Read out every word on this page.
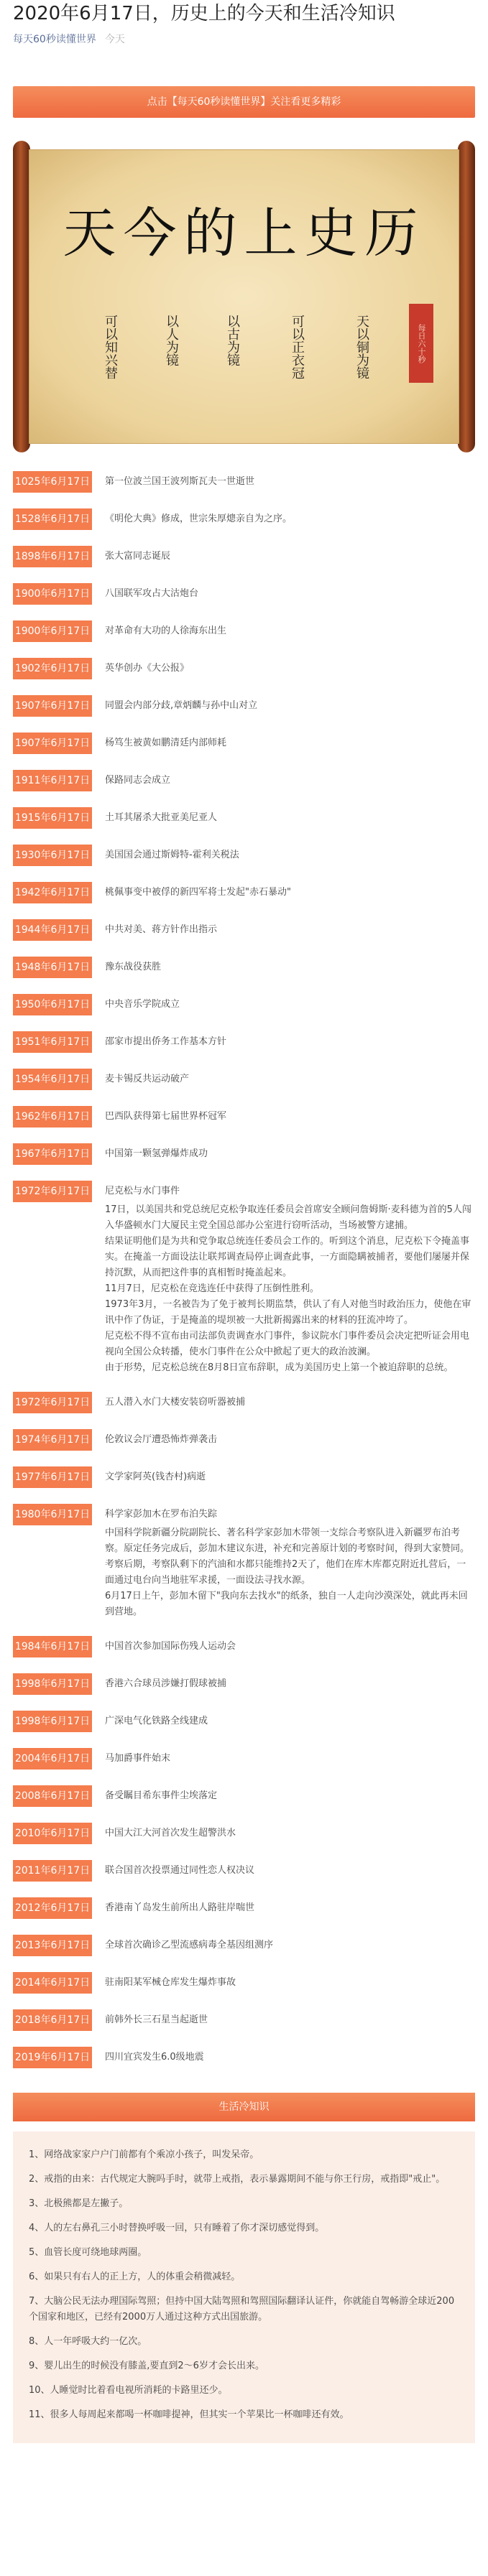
2020年6月17日，历史上的今天和生活冷知识
每天60秒读懂世界 今天
点击【每天60秒读懂世界】关注看更多精彩
天今的上史历
可以知兴替	以人为镜	以古为镜	可以正衣冠	天以铜为镜	每日六十秒
1025年6月17日 第一位波兰国王波列斯瓦夫一世逝世

1528年6月17日 《明伦大典》修成，世宗朱厚熜亲自为之序。

1898年6月17日 张大富同志诞辰

1900年6月17日 八国联军攻占大沽炮台

1900年6月17日 对革命有大功的人徐海东出生

1902年6月17日 英华创办《大公报》

1907年6月17日 同盟会内部分歧,章炳麟与孙中山对立

1907年6月17日 杨笃生被黄如鹏清廷内部师耗

1911年6月17日 保路同志会成立

1915年6月17日 土耳其屠杀大批亚美尼亚人

1930年6月17日 美国国会通过斯姆特-霍利关税法

1942年6月17日 桃佩事变中被俘的新四军将士发起"赤石暴动"

1944年6月17日 中共对美、蒋方针作出指示

1948年6月17日 豫东战役获胜

1950年6月17日 中央音乐学院成立

1951年6月17日 邵家市提出侨务工作基本方针

1954年6月17日 麦卡锡反共运动破产

1962年6月17日 巴西队获得第七届世界杯冠军

1967年6月17日 中国第一颗氢弹爆炸成功

1972年6月17日 尼克松与水门事件

17日，以美国共和党总统尼克松争取连任委员会首席安全顾问詹姆斯·麦科德为首的5人闯入华盛顿水门大厦民主党全国总部办公室进行窃听活动，当场被警方逮捕。

结果证明他们是为共和党争取总统连任委员会工作的。听到这个消息，尼克松下令掩盖事实。在掩盖一方面设法让联邦调查局停止调查此事，一方面隐瞒被捕者，要他们屡屡并保持沉默，从而把这件事的真相暂时掩盖起来。

11月7日，尼克松在竞选连任中获得了压倒性胜利。

1973年3月，一名被告为了免于被判长期监禁，供认了有人对他当时政治压力，使他在审讯中作了伪证，于是掩盖的堤坝被一大批新揭露出来的材料的狂流冲垮了。

尼克松不得不宣布由司法部负责调查水门事件，参议院水门事件委员会决定把听证会用电视向全国公众转播，使水门事件在公众中掀起了更大的政治波澜。

由于形势，尼克松总统在8月8日宣布辞职，成为美国历史上第一个被迫辞职的总统。

1972年6月17日 五人潜入水门大楼安装窃听器被捕

1974年6月17日 伦敦议会厅遭恐怖炸弹袭击

1977年6月17日 文学家阿英(钱杏村)病逝

1980年6月17日 科学家彭加木在罗布泊失踪

中国科学院新疆分院副院长、著名科学家彭加木带领一支综合考察队进入新疆罗布泊考察。原定任务完成后，彭加木建议东进，补充和完善原计划的考察时间，得到大家赞同。

考察后期，考察队剩下的汽油和水都只能维持2天了，他们在库木库都克附近扎营后，一面通过电台向当地驻军求援，一面设法寻找水源。

6月17日上午，彭加木留下"我向东去找水"的纸条，独自一人走向沙漠深处，就此再未回到营地。

1984年6月17日 中国首次参加国际伤残人运动会

1998年6月17日 香港六合球员涉嫌打假球被捕

1998年6月17日 广深电气化铁路全线建成

2004年6月17日 马加爵事件始末

2008年6月17日 备受瞩目希东事件尘埃落定

2010年6月17日 中国大江大河首次发生超警洪水

2011年6月17日 联合国首次投票通过同性恋人权决议

2012年6月17日 香港南丫岛发生前所出人路驻岸喘世

2013年6月17日 全球首次确诊乙型流感病毒全基因组测序

2014年6月17日 驻南阳某军械仓库发生爆炸事故

2018年6月17日 前韩外长三石星当起逝世

2019年6月17日 四川宜宾发生6.0级地震

生活冷知识

1、网络战家家户户门前都有个乘凉小孩子，叫发呆帝。

2、戒指的由来：古代规定大腕吗手时，就带上戒指，表示暴露期间不能与你王行房，戒指即"戒止"。

3、北极熊都是左撇子。

4、人的左右鼻孔三小时替换呼吸一回，只有睡着了你才深切感觉得到。

5、血管长度可绕地球两圈。

6、如果只有右人的正上方，人的体重会稍微减轻。

7、大脑公民无法办理国际驾照；但持中国大陆驾照和驾照国际翻译认证件，你就能自驾畅游全球近200个国家和地区，已经有2000万人通过这种方式出国旅游。

8、人一年呼吸大约一亿次。

9、婴儿出生的时候没有膝盖,要直到2～6岁才会长出来。

10、人睡觉时比着看电视所消耗的卡路里还少。

11、很多人每周起来都喝一杯咖啡提神，但其实一个苹果比一杯咖啡还有效。
